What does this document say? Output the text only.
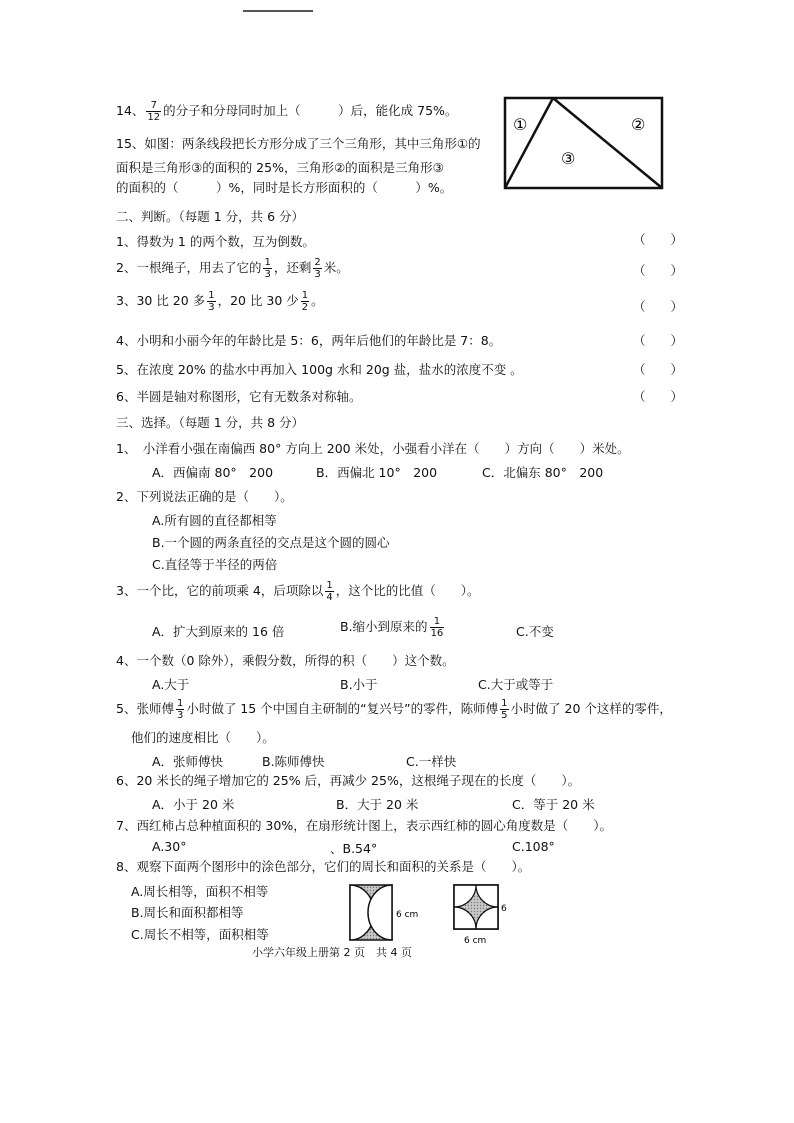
14、 $\frac{7}{12}$ 的分子和分母同时加上（　　　）后，能化成 75%。
15、如图：两条线段把长方形分成了三个三角形，其中三角形①的
面积是三角形③的面积的 25%，三角形②的面积是三角形③
的面积的（　　　）%，同时是长方形面积的（　　　）%。
①	②
③
二、判断。（每题 1 分，共 6 分）
1、得数为 1 的两个数，互为倒数。	（　　）
2、一根绳子，用去了它的 $\frac{1}{3}$ ，还剩 $\frac{2}{3}$ 米。	（　　）
3、30 比 20 多 $\frac{1}{3}$ ，20 比 30 少 $\frac{1}{2}$ 。	（　　）
4、小明和小丽今年的年龄比是 5：6，两年后他们的年龄比是 7：8。	（　　）
5、在浓度 20% 的盐水中再加入 100g 水和 20g 盐，盐水的浓度不变 。	（　　）
6、半圆是轴对称图形，它有无数条对称轴。	（　　）
三、选择。（每题 1 分，共 8 分）
1、　小洋看小强在南偏西 80° 方向上 200 米处，小强看小洋在（　　）方向（　　）米处。
A．西偏南 80°　200	B．西偏北 10°　200	C．北偏东 80°　200
2、下列说法正确的是（　　）。
A.所有圆的直径都相等
B.一个圆的两条直径的交点是这个圆的圆心
C.直径等于半径的两倍
3、一个比，它的前项乘 4，后项除以 $\frac{1}{4}$ ，这个比的比值（　　）。
A．扩大到原来的 16 倍	B.缩小到原来的 $\frac{1}{16}$	C.不变
4、一个数（0 除外），乘假分数，所得的积（　　）这个数。
A.大于	B.小于	C.大于或等于
5、张师傅 $\frac{1}{3}$ 小时做了 15 个中国自主研制的“复兴号”的零件，陈师傅 $\frac{1}{5}$ 小时做了 20 个这样的零件，
他们的速度相比（　　）。
A．张师傅快	B.陈师傅快	C.一样快
6、20 米长的绳子增加它的 25% 后，再减少 25%，这根绳子现在的长度（　　）。
A．小于 20 米	B．大于 20 米	C．等于 20 米
7、西红柿占总种植面积的 30%，在扇形统计图上，表示西红柿的圆心角度数是（　　）。
A.30°	、B.54°	C.108°
8、观察下面两个图形中的涂色部分，它们的周长和面积的关系是（　　）。
A.周长相等，面积不相等
B.周长和面积都相等
C.周长不相等，面积相等
6 cm
6
6 cm
小学六年级上册第 2 页　共 4 页
